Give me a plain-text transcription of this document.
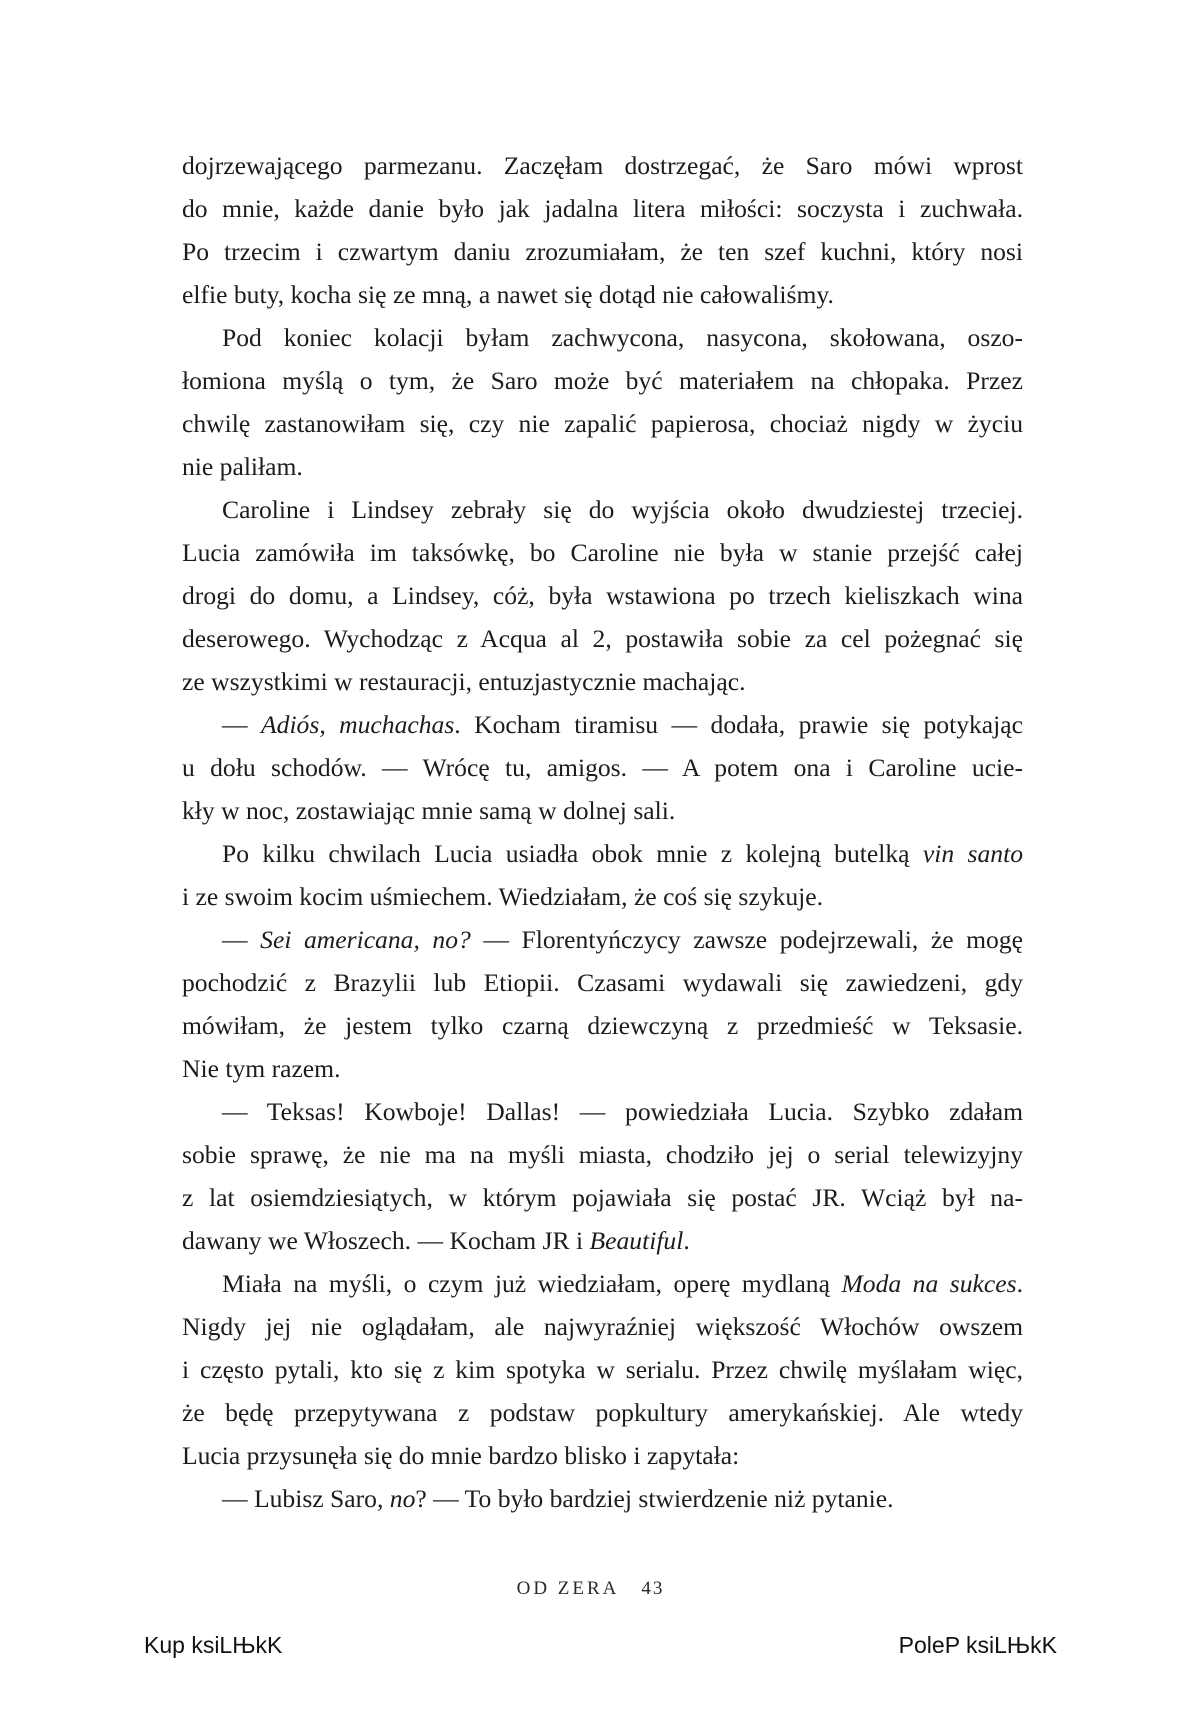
dojrzewającego parmezanu. Zaczęłam dostrzegać, że Saro mówi wprost

do mnie, każde danie było jak jadalna litera miłości: soczysta i zuchwała.

Po trzecim i czwartym daniu zrozumiałam, że ten szef kuchni, który nosi

elfie buty, kocha się ze mną, a nawet się dotąd nie całowaliśmy.

Pod koniec kolacji byłam zachwycona, nasycona, skołowana, oszo-

łomiona myślą o tym, że Saro może być materiałem na chłopaka. Przez

chwilę zastanowiłam się, czy nie zapalić papierosa, chociaż nigdy w życiu

nie paliłam.

Caroline i Lindsey zebrały się do wyjścia około dwudziestej trzeciej.

Lucia zamówiła im taksówkę, bo Caroline nie była w stanie przejść całej

drogi do domu, a Lindsey, cóż, była wstawiona po trzech kieliszkach wina

deserowego. Wychodząc z Acqua al 2, postawiła sobie za cel pożegnać się

ze wszystkimi w restauracji, entuzjastycznie machając.

— Adiós, muchachas. Kocham tiramisu — dodała, prawie się potykając

u dołu schodów. — Wrócę tu, amigos. — A potem ona i Caroline ucie-

kły w noc, zostawiając mnie samą w dolnej sali.

Po kilku chwilach Lucia usiadła obok mnie z kolejną butelką vin santo

i ze swoim kocim uśmiechem. Wiedziałam, że coś się szykuje.

— Sei americana, no? — Florentyńczycy zawsze podejrzewali, że mogę

pochodzić z Brazylii lub Etiopii. Czasami wydawali się zawiedzeni, gdy

mówiłam, że jestem tylko czarną dziewczyną z przedmieść w Teksasie.

Nie tym razem.

— Teksas! Kowboje! Dallas! — powiedziała Lucia. Szybko zdałam

sobie sprawę, że nie ma na myśli miasta, chodziło jej o serial telewizyjny

z lat osiemdziesiątych, w którym pojawiała się postać JR. Wciąż był na-

dawany we Włoszech. — Kocham JR i Beautiful.

Miała na myśli, o czym już wiedziałam, operę mydlaną Moda na sukces.

Nigdy jej nie oglądałam, ale najwyraźniej większość Włochów owszem

i często pytali, kto się z kim spotyka w serialu. Przez chwilę myślałam więc,

że będę przepytywana z podstaw popkultury amerykańskiej. Ale wtedy

Lucia przysunęła się do mnie bardzo blisko i zapytała:

— Lubisz Saro, no? — To było bardziej stwierdzenie niż pytanie.

OD ZERA 43
Kup ksiLЊkK	PoleP ksiLЊkK
